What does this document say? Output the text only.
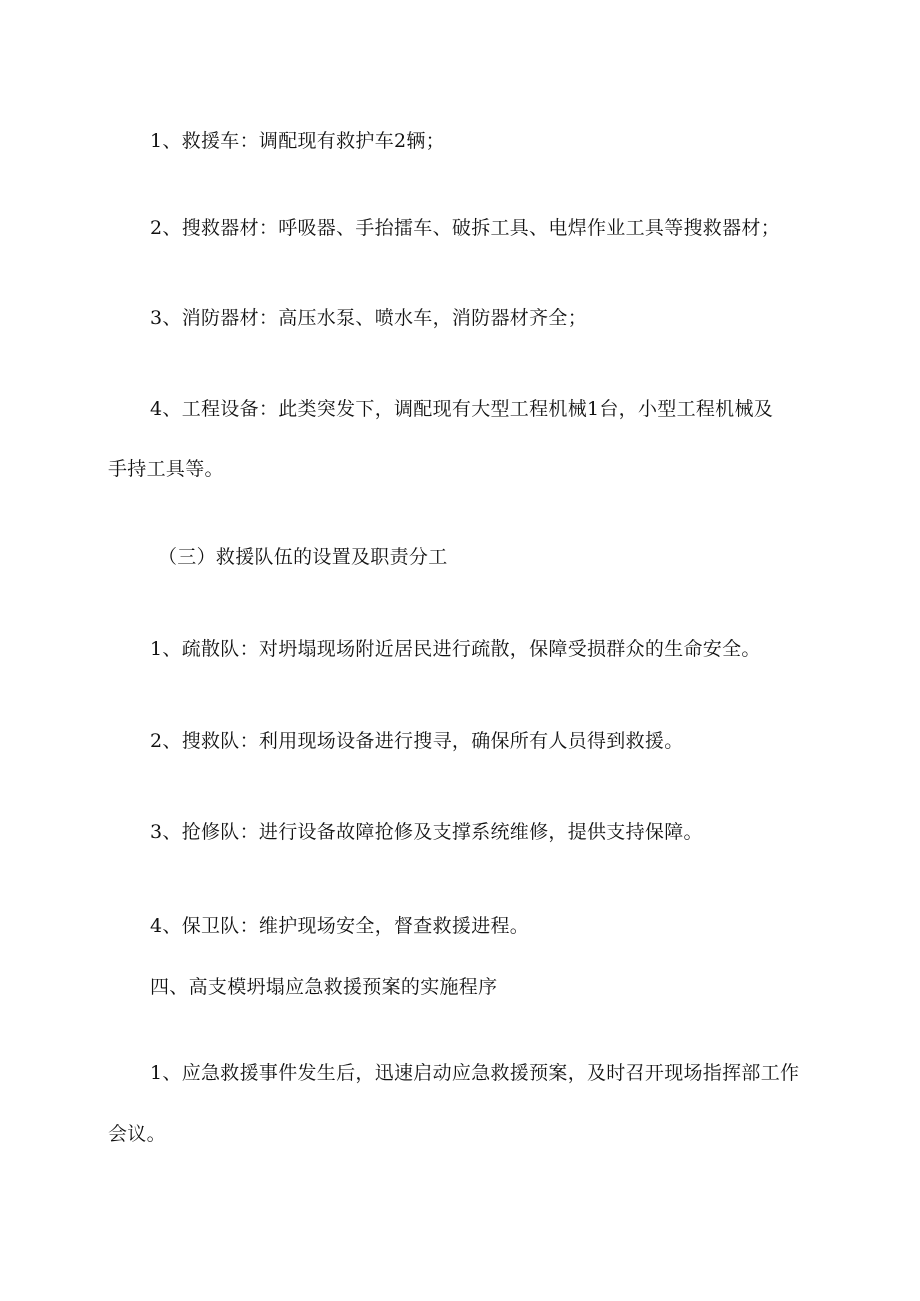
1、救援车：调配现有救护车2辆；
2、搜救器材：呼吸器、手抬擂车、破拆工具、电焊作业工具等搜救器材；
3、消防器材：高压水泵、喷水车，消防器材齐全；
4、工程设备：此类突发下，调配现有大型工程机械1台，小型工程机械及
手持工具等。
（三）救援队伍的设置及职责分工
1、疏散队：对坍塌现场附近居民进行疏散，保障受损群众的生命安全。
2、搜救队：利用现场设备进行搜寻，确保所有人员得到救援。
3、抢修队：进行设备故障抢修及支撑系统维修，提供支持保障。
4、保卫队：维护现场安全，督查救援进程。
四、高支模坍塌应急救援预案的实施程序
1、应急救援事件发生后，迅速启动应急救援预案，及时召开现场指挥部工作
会议。
